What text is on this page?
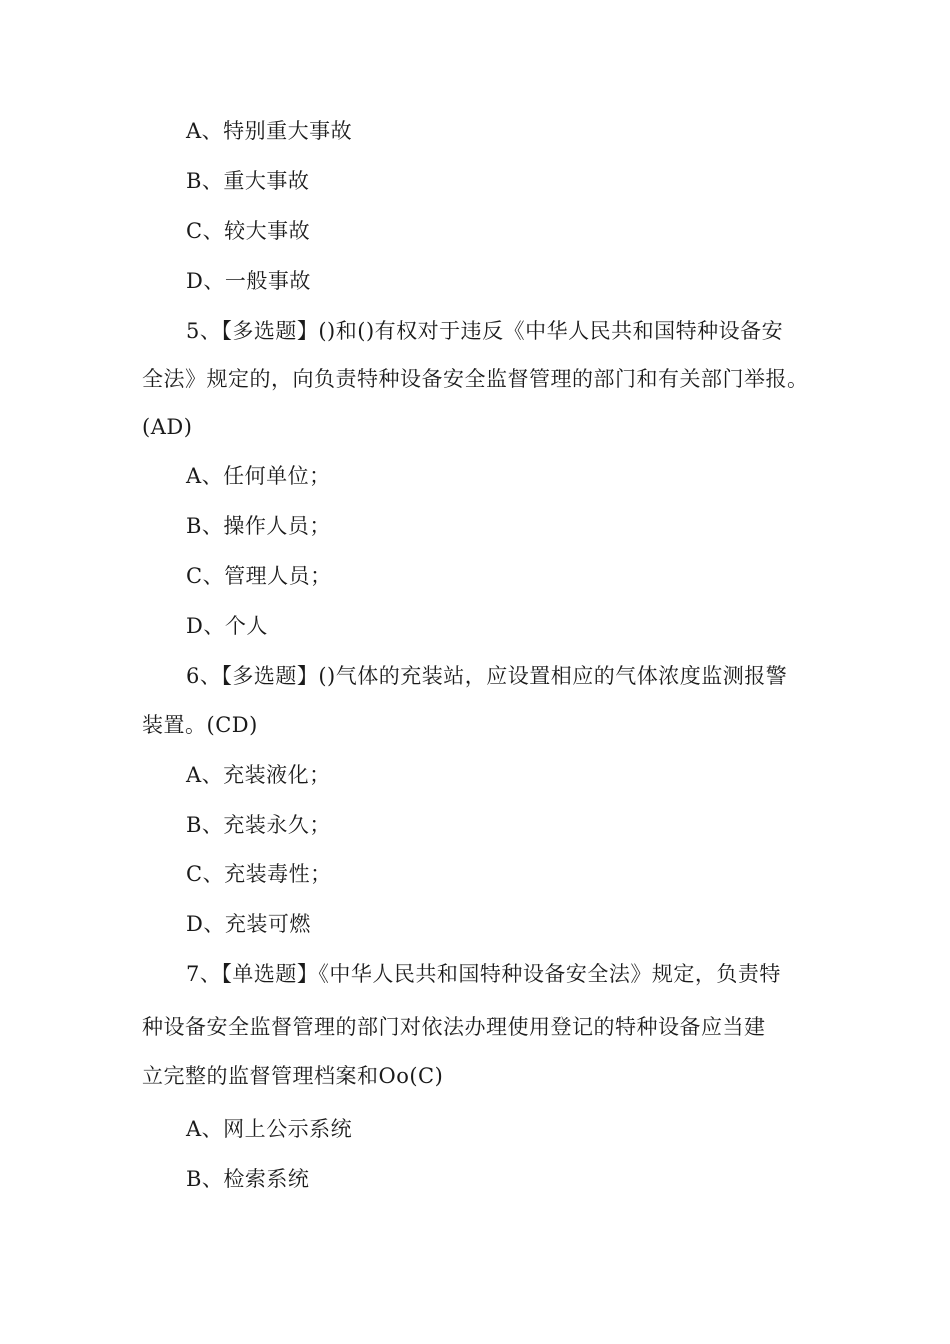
A、特别重大事故
B、重大事故
C、较大事故
D、一般事故
5、【多选题】()和()有权对于违反《中华人民共和国特种设备安
全法》规定的，向负责特种设备安全监督管理的部门和有关部门举报。
(AD)
A、任何单位；
B、操作人员；
C、管理人员；
D、个人
6、【多选题】()气体的充装站，应设置相应的气体浓度监测报警
装置。(CD)
A、充装液化；
B、充装永久；
C、充装毒性；
D、充装可燃
7、【单选题】《中华人民共和国特种设备安全法》规定，负责特
种设备安全监督管理的部门对依法办理使用登记的特种设备应当建
立完整的监督管理档案和Oo(C)
A、网上公示系统
B、检索系统
